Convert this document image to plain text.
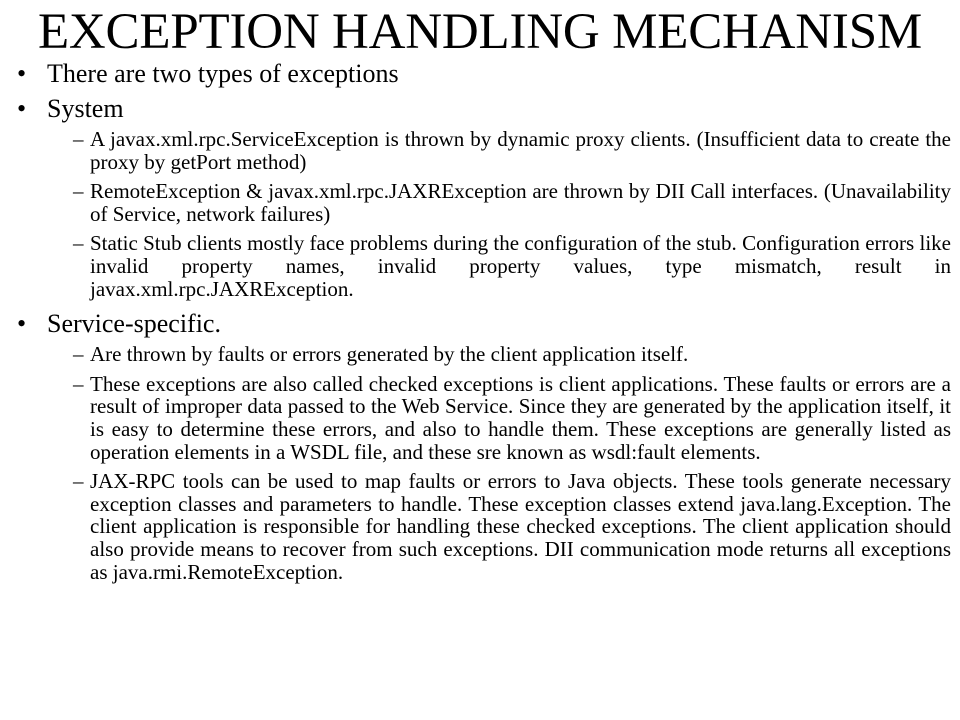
EXCEPTION HANDLING MECHANISM
• There are two types of exceptions
• System
– A javax.xml.rpc.ServiceException is thrown by dynamic proxy clients. (Insufficient data to create the proxy by getPort method)
– RemoteException & javax.xml.rpc.JAXRException are thrown by DII Call interfaces. (Unavailability of Service, network failures)
– Static Stub clients mostly face problems during the configuration of the stub. Configuration errors like invalid property names, invalid property values, type mismatch, result in javax.xml.rpc.JAXRException.
• Service-specific.
– Are thrown by faults or errors generated by the client application itself.
– These exceptions are also called checked exceptions is client applications. These faults or errors are a result of improper data passed to the Web Service. Since they are generated by the application itself, it is easy to determine these errors, and also to handle them. These exceptions are generally listed as operation elements in a WSDL file, and these sre known as wsdl:fault elements.
– JAX-RPC tools can be used to map faults or errors to Java objects. These tools generate necessary exception classes and parameters to handle. These exception classes extend java.lang.Exception. The client application is responsible for handling these checked exceptions. The client application should also provide means to recover from such exceptions. DII communication mode returns all exceptions as java.rmi.RemoteException.
